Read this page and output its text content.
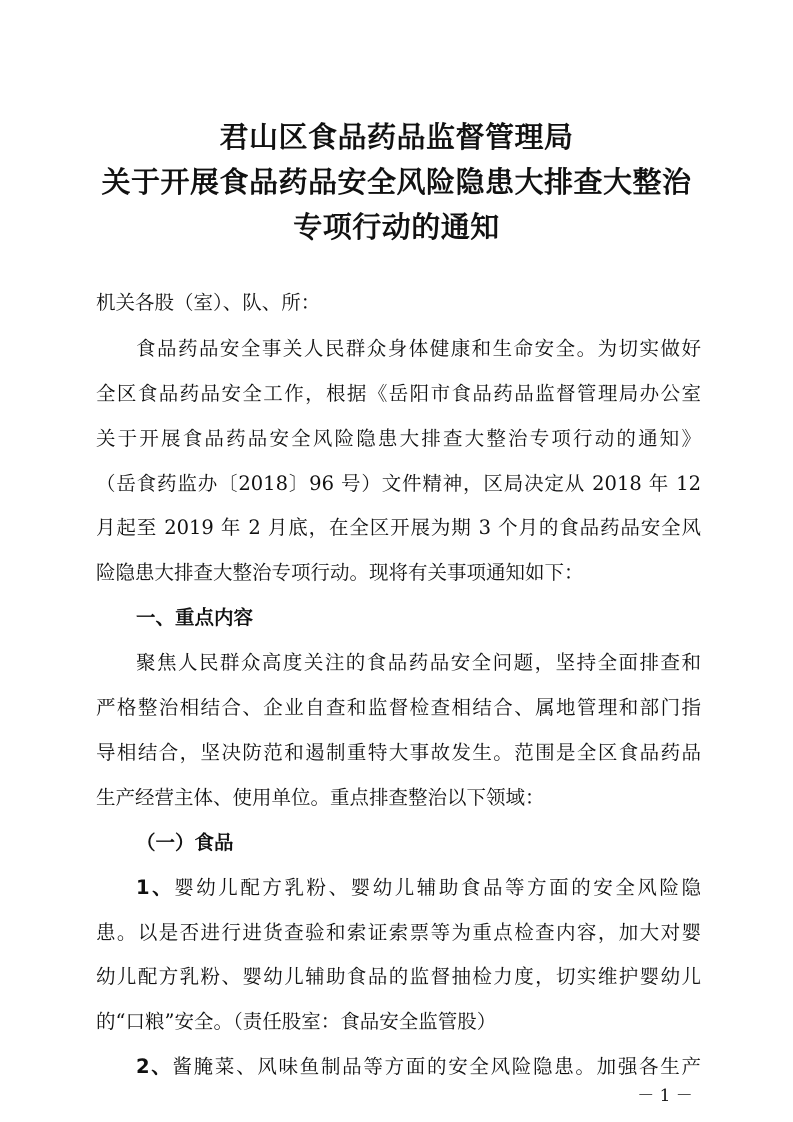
君山区食品药品监督管理局
关于开展食品药品安全风险隐患大排查大整治
专项行动的通知
机关各股（室）、队、所：
食品药品安全事关人民群众身体健康和生命安全。为切实做好
全区食品药品安全工作，根据《岳阳市食品药品监督管理局办公室
关于开展食品药品安全风险隐患大排查大整治专项行动的通知》
（岳食药监办〔2018〕96 号）文件精神，区局决定从 2018 年 12
月起至 2019 年 2 月底，在全区开展为期 3 个月的食品药品安全风
险隐患大排查大整治专项行动。现将有关事项通知如下：
一、重点内容
聚焦人民群众高度关注的食品药品安全问题，坚持全面排查和
严格整治相结合、企业自查和监督检查相结合、属地管理和部门指
导相结合，坚决防范和遏制重特大事故发生。范围是全区食品药品
生产经营主体、使用单位。重点排查整治以下领域：
（一）食品
1、婴幼儿配方乳粉、婴幼儿辅助食品等方面的安全风险隐
患。以是否进行进货查验和索证索票等为重点检查内容，加大对婴
幼儿配方乳粉、婴幼儿辅助食品的监督抽检力度，切实维护婴幼儿
的“口粮”安全。（责任股室：食品安全监管股）
2、酱腌菜、风味鱼制品等方面的安全风险隐患。加强各生产
－ 1 －
